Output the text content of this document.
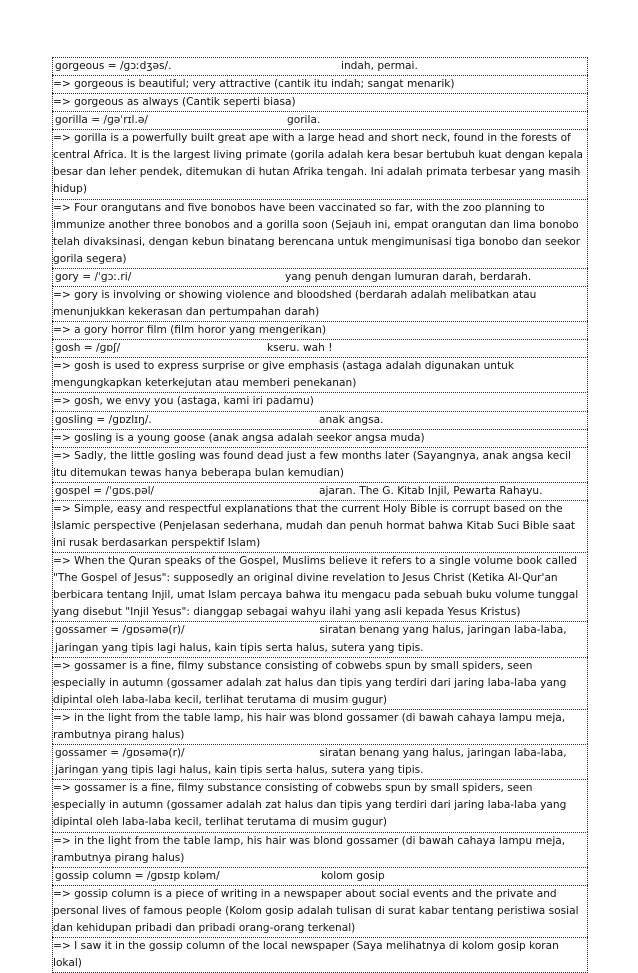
gorgeous = /ɡɔːdʒəs/.	indah, permai.
=> gorgeous is beautiful; very attractive (cantik itu indah; sangat menarik)
=> gorgeous as always (Cantik seperti biasa)
gorilla = /ɡəˈrɪl.ə/	gorila.
=> gorilla is a powerfully built great ape with a large head and short neck, found in the forests of central Africa. It is the largest living primate (gorila adalah kera besar bertubuh kuat dengan kepala besar dan leher pendek, ditemukan di hutan Afrika tengah. Ini adalah primata terbesar yang masih hidup)
=> Four orangutans and five bonobos have been vaccinated so far, with the zoo planning to immunize another three bonobos and a gorilla soon (Sejauh ini, empat orangutan dan lima bonobo telah divaksinasi, dengan kebun binatang berencana untuk mengimunisasi tiga bonobo dan seekor gorila segera)
gory = /ˈɡɔː.ri/	yang penuh dengan lumuran darah, berdarah.
=> gory is involving or showing violence and bloodshed (berdarah adalah melibatkan atau menunjukkan kekerasan dan pertumpahan darah)
=> a gory horror film (film horor yang mengerikan)
gosh = /ɡɒʃ/	kseru. wah !
=> gosh is used to express surprise or give emphasis (astaga adalah digunakan untuk mengungkapkan keterkejutan atau memberi penekanan)
=> gosh, we envy you (astaga, kami iri padamu)
gosling = /ɡɒzlɪŋ/.	anak angsa.
=> gosling is a young goose (anak angsa adalah seekor angsa muda)
=> Sadly, the little gosling was found dead just a few months later (Sayangnya, anak angsa kecil itu ditemukan tewas hanya beberapa bulan kemudian)
gospel = /ˈɡɒs.pəl/	ajaran. The G. Kitab Injil, Pewarta Rahayu.
=> Simple, easy and respectful explanations that the current Holy Bible is corrupt based on the Islamic perspective (Penjelasan sederhana, mudah dan penuh hormat bahwa Kitab Suci Bible saat ini rusak berdasarkan perspektif Islam)
=> When the Quran speaks of the Gospel, Muslims believe it refers to a single volume book called "The Gospel of Jesus": supposedly an original divine revelation to Jesus Christ (Ketika Al-Qur'an berbicara tentang Injil, umat Islam percaya bahwa itu mengacu pada sebuah buku volume tunggal yang disebut "Injil Yesus": dianggap sebagai wahyu ilahi yang asli kepada Yesus Kristus)
gossamer = /ɡɒsəmə(r)/	siratan benang yang halus, jaringan laba-laba, jaringan yang tipis lagi halus, kain tipis serta halus, sutera yang tipis.
=> gossamer is a fine, filmy substance consisting of cobwebs spun by small spiders, seen especially in autumn (gossamer adalah zat halus dan tipis yang terdiri dari jaring laba-laba yang dipintal oleh laba-laba kecil, terlihat terutama di musim gugur)
=> in the light from the table lamp, his hair was blond gossamer (di bawah cahaya lampu meja, rambutnya pirang halus)
gossamer = /ɡɒsəmə(r)/	siratan benang yang halus, jaringan laba-laba, jaringan yang tipis lagi halus, kain tipis serta halus, sutera yang tipis.
=> gossamer is a fine, filmy substance consisting of cobwebs spun by small spiders, seen especially in autumn (gossamer adalah zat halus dan tipis yang terdiri dari jaring laba-laba yang dipintal oleh laba-laba kecil, terlihat terutama di musim gugur)
=> in the light from the table lamp, his hair was blond gossamer (di bawah cahaya lampu meja, rambutnya pirang halus)
gossip column = /ɡɒsɪp kɒləm/	kolom gosip
=> gossip column is a piece of writing in a newspaper about social events and the private and personal lives of famous people (Kolom gosip adalah tulisan di surat kabar tentang peristiwa sosial dan kehidupan pribadi dan pribadi orang-orang terkenal)
=> I saw it in the gossip column of the local newspaper (Saya melihatnya di kolom gosip koran lokal)
